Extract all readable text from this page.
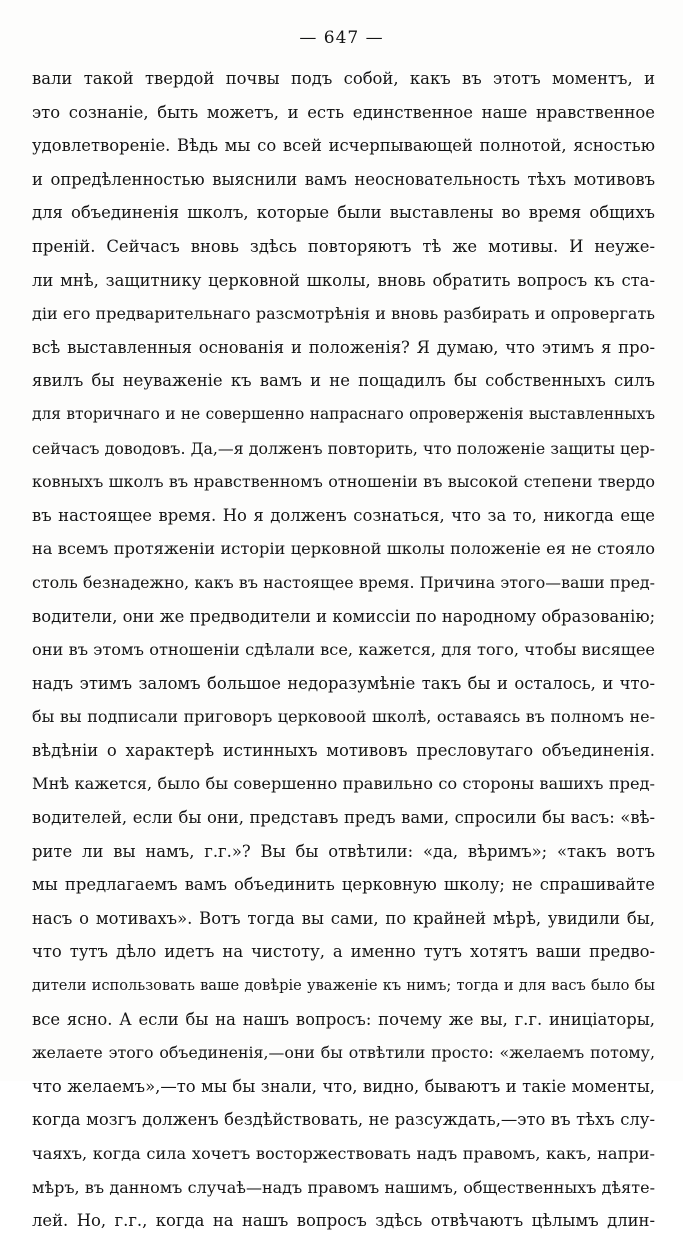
— 647 —
вали такой твердой почвы подъ собой, какъ въ этотъ моментъ, и
это сознаніе, быть можетъ, и есть единственное наше нравственное
удовлетвореніе. Вѣдь мы со всей исчерпывающей полнотой, ясностью
и опредѣленностью выяснили вамъ неосновательность тѣхъ мотивовъ
для объединенія школъ, которые были выставлены во время общихъ
преній. Сейчасъ вновь здѣсь повторяютъ тѣ же мотивы. И неужe-
ли мнѣ, защитнику церковной школы, вновь обратить вопросъ къ ста-
діи его предварительнаго разсмотрѣнія и вновь разбирать и опровергать
всѣ выставленныя основанія и положенія? Я думаю, что этимъ я про-
явилъ бы неуваженіе къ вамъ и не пощадилъ бы собственныхъ силъ
для вторичнаго и не совершенно напраснаго опроверженія выставленныхъ
сейчасъ доводовъ. Да,—я долженъ повторить, что положеніе защиты цер-
ковныхъ школъ въ нравственномъ отношеніи въ высокой степени твердо
въ настоящее время. Но я долженъ сознаться, что за то, никогда еще
на всемъ протяженіи исторіи церковной школы положеніе ея не стояло
столь безнадежно, какъ въ настоящее время. Причина этого—ваши пред-
водители, они же предводители и комиссіи по народному образованію;
они въ этомъ отношеніи сдѣлали все, кажется, для того, чтобы висящее
надъ этимъ заломъ большое недоразумѣніе такъ бы и осталось, и что-
бы вы подписали приговоръ церковоой школѣ, оставаясь въ полномъ не-
вѣдѣніи о характерѣ истинныхъ мотивовъ пресловутаго объединенія.
Мнѣ кажется, было бы совершенно правильно со стороны вашихъ пред-
водителей, если бы они, представъ предъ вами, спросили бы васъ: «вѣ-
рите ли вы намъ, г.г.»? Вы бы отвѣтили: «да, вѣримъ»; «такъ вотъ
мы предлагаемъ вамъ объединить церковную школу; не спрашивайте
насъ о мотивахъ». Вотъ тогда вы сами, по крайней мѣрѣ, увидили бы,
что тутъ дѣло идетъ на чистоту, а именно тутъ хотятъ ваши предво-
дители использовать ваше довѣріе уваженіе къ нимъ; тогда и для васъ было бы
все ясно. А если бы на нашъ вопросъ: почему же вы, г.г. иниціаторы,
желаете этого объединенія,—они бы отвѣтили просто: «желаемъ потому,
что желаемъ»,—то мы бы знали, что, видно, бываютъ и такіе моменты,
когда мозгъ долженъ бездѣйствовать, не разсуждать,—это въ тѣхъ слу-
чаяхъ, когда сила хочетъ восторжествовать надъ правомъ, какъ, напри-
мѣръ, въ данномъ случаѣ—надъ правомъ нашимъ, общественныхъ дѣяте-
лей. Но, г.г., когда на нашъ вопросъ здѣсь отвѣчаютъ цѣлымъ длин-
